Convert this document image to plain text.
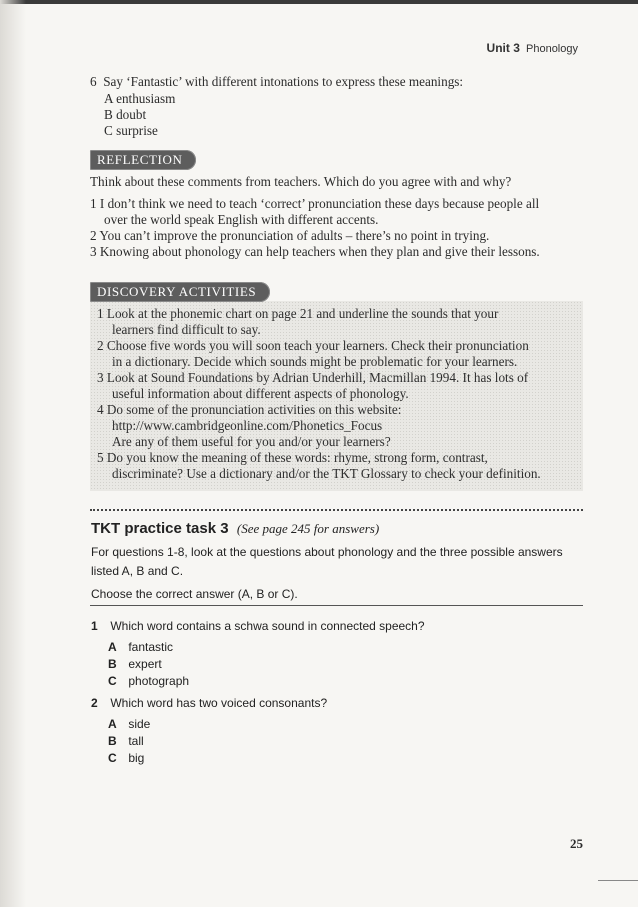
Unit 3 Phonology
6 Say ‘Fantastic’ with different intonations to express these meanings:
A enthusiasm
B doubt
C surprise
REFLECTION
Think about these comments from teachers. Which do you agree with and why?
1 I don’t think we need to teach ‘correct’ pronunciation these days because people all
over the world speak English with different accents.
2 You can’t improve the pronunciation of adults – there’s no point in trying.
3 Knowing about phonology can help teachers when they plan and give their lessons.
DISCOVERY ACTIVITIES
1 Look at the phonemic chart on page 21 and underline the sounds that your
learners find difficult to say.
2 Choose five words you will soon teach your learners. Check their pronunciation
in a dictionary. Decide which sounds might be problematic for your learners.
3 Look at Sound Foundations by Adrian Underhill, Macmillan 1994. It has lots of
useful information about different aspects of phonology.
4 Do some of the pronunciation activities on this website:
http://www.cambridgeonline.com/Phonetics_Focus
Are any of them useful for you and/or your learners?
5 Do you know the meaning of these words: rhyme, strong form, contrast,
discriminate? Use a dictionary and/or the TKT Glossary to check your definition.
TKT practice task 3 (See page 245 for answers)
For questions 1-8, look at the questions about phonology and the three possible answers
listed A, B and C.
Choose the correct answer (A, B or C).
1 Which word contains a schwa sound in connected speech?
A fantastic
B expert
C photograph
2 Which word has two voiced consonants?
A side
B tall
C big
25
